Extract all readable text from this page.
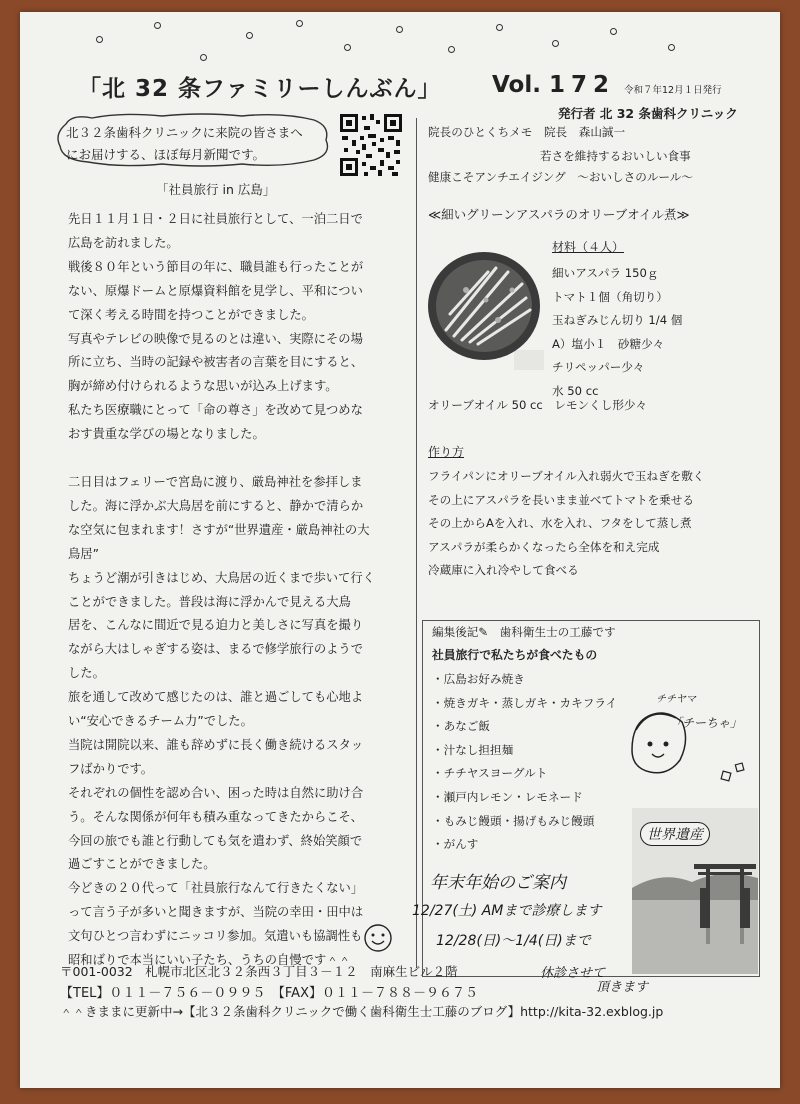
「北 32 条ファミリーしんぶん」 Vol. 172 令和７年12月１日発行
発行者 北 32 条歯科クリニック
北３２条歯科クリニックに来院の皆さまへ
にお届けする、ほぼ毎月新聞です。
「社員旅行 in 広島」

先日１１月１日・２日に社員旅行として、一泊二日で

広島を訪れました。

戦後８０年という節目の年に、職員誰も行ったことが

ない、原爆ドームと原爆資料館を見学し、平和につい

て深く考える時間を持つことができました。

写真やテレビの映像で見るのとは違い、実際にその場

所に立ち、当時の記録や被害者の言葉を目にすると、

胸が締め付けられるような思いが込み上げます。

私たち医療職にとって「命の尊さ」を改めて見つめな

おす貴重な学びの場となりました。

二日目はフェリーで宮島に渡り、厳島神社を参拝しま

した。海に浮かぶ大鳥居を前にすると、静かで清らか

な空気に包まれます！さすが“世界遺産・厳島神社の大

鳥居”

ちょうど潮が引きはじめ、大鳥居の近くまで歩いて行く

ことができました。普段は海に浮かんで見える大鳥

居を、こんなに間近で見る迫力と美しさに写真を撮り

ながら大はしゃぎする姿は、まるで修学旅行のようで

した。

旅を通して改めて感じたのは、誰と過ごしても心地よ

い“安心できるチーム力”でした。

当院は開院以来、誰も辞めずに長く働き続けるスタッ

フばかりです。

それぞれの個性を認め合い、困った時は自然に助け合

う。そんな関係が何年も積み重なってきたからこそ、

今回の旅でも誰と行動しても気を遣わず、終始笑顔で

過ごすことができました。

今どきの２０代って「社員旅行なんて行きたくない」

って言う子が多いと聞きますが、当院の幸田・田中は

文句ひとつ言わずにニッコリ参加。気遣いも協調性も

昭和ばりで本当にいい子たち、うちの自慢です＾＾

院長のひとくちメモ　院長　森山誠一
若さを維持するおいしい食事
健康こそアンチエイジング　～おいしさのルール～
≪細いグリーンアスパラのオリーブオイル煮≫
材料（４人）

細いアスパラ 150ｇ

トマト１個（角切り）

玉ねぎみじん切り 1/4 個

A）塩小１　砂糖少々

チリペッパー少々

水 50 cc

オリーブオイル 50 cc　レモンくし形少々
作り方

フライパンにオリーブオイル入れ弱火で玉ねぎを敷く

その上にアスパラを長いまま並べてトマトを乗せる

その上からAを入れ、水を入れ、フタをして蒸し煮

アスパラが柔らかくなったら全体を和え完成

冷蔵庫に入れ冷やして食べる

編集後記✎　歯科衛生士の工藤です
社員旅行で私たちが食べたもの

・広島お好み焼き

・焼きガキ・蒸しガキ・カキフライ

・あなご飯

・汁なし担担麺

・チチヤスヨーグルト

・瀬戸内レモン・レモネード

・もみじ饅頭・揚げもみじ饅頭

・がんす

チチヤマ
「チーちゃ」
世界遺産
年末年始のご案内
12/27(土) AMまで診療します
12/28(日)～1/4(日)まで
休診させて
頂きます
〒001-0032　札幌市北区北３２条西３丁目３－１２　南麻生ビル２階
【TEL】０１１－７５６－０９９５　【FAX】０１１－７８８－９６７５
＾＾きままに更新中→【北３２条歯科クリニックで働く歯科衛生士工藤のブログ】http://kita-32.exblog.jp
